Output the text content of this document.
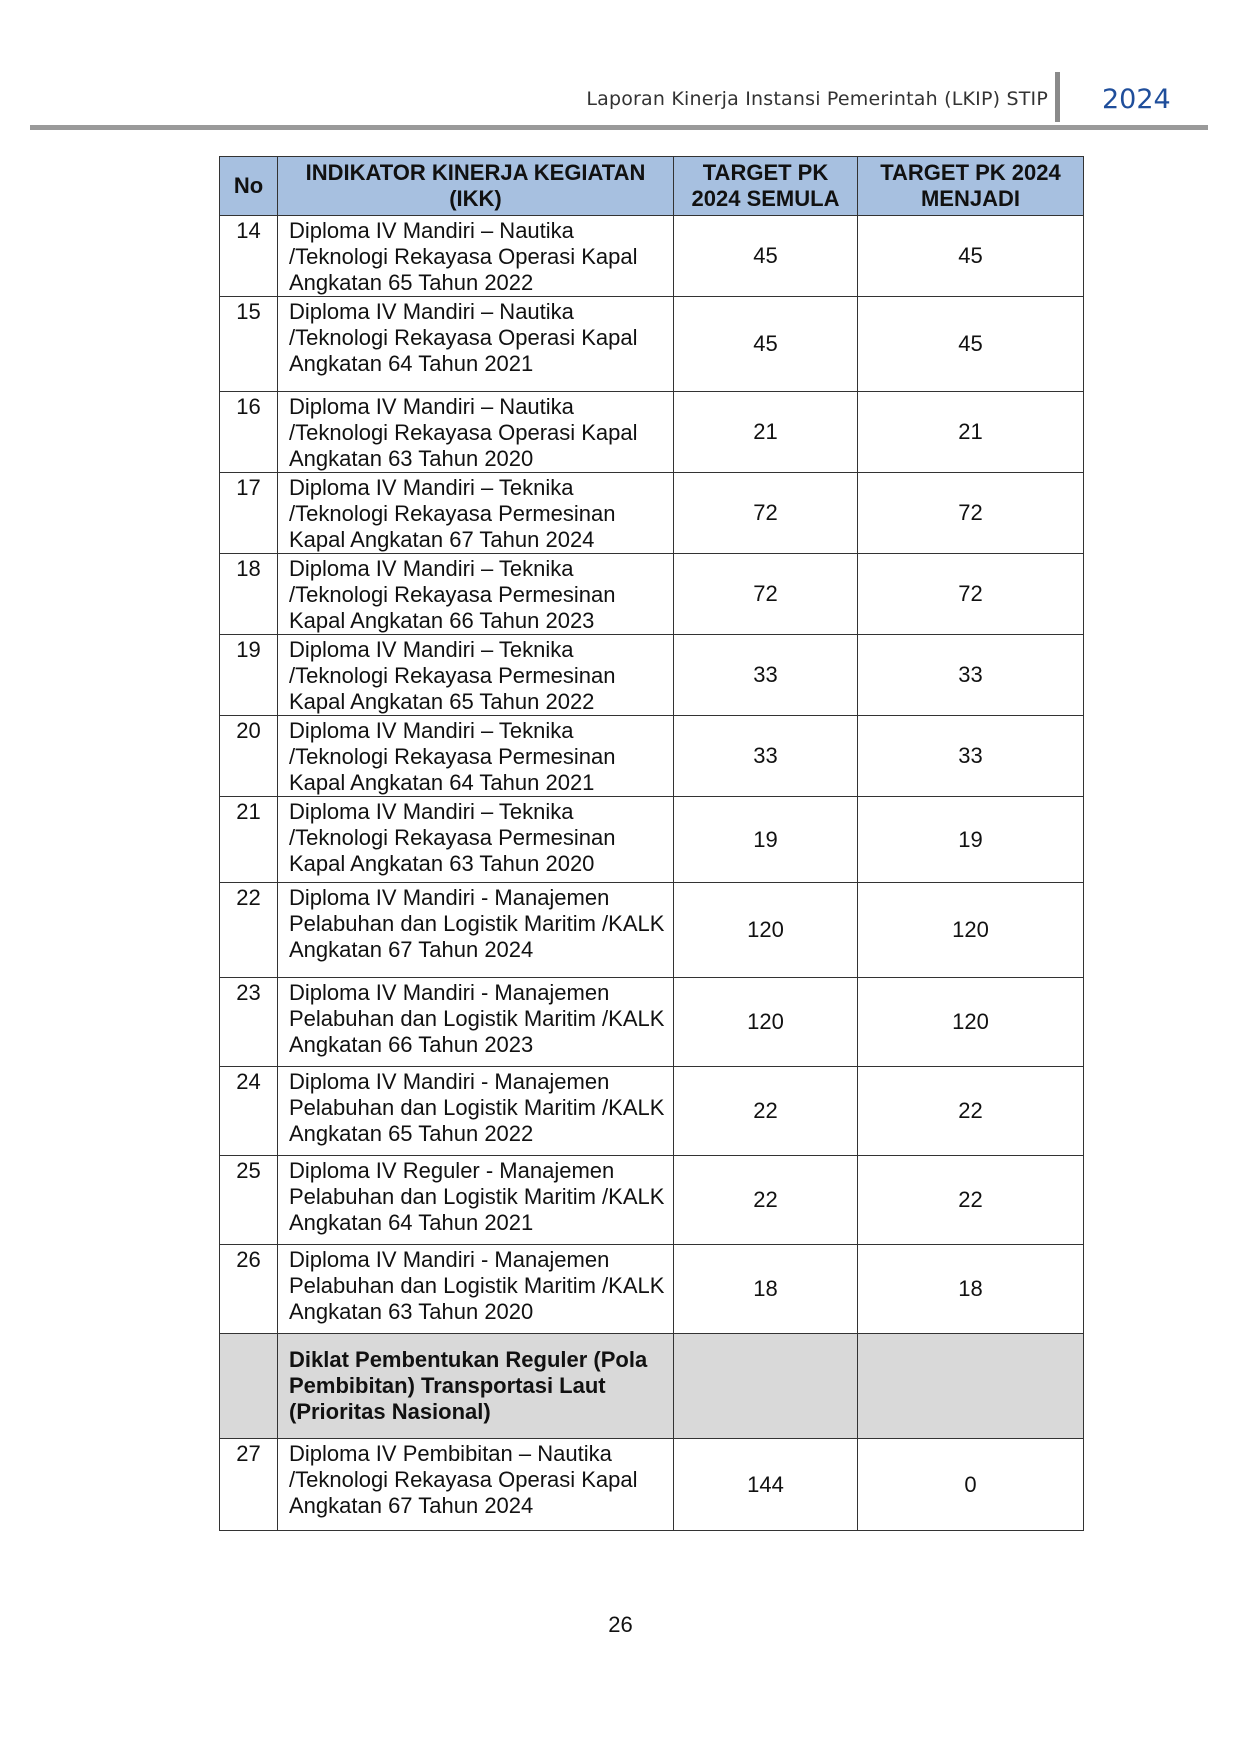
Laporan Kinerja Instansi Pemerintah (LKIP) STIP 2024
No	INDIKATOR KINERJA KEGIATAN (IKK)	TARGET PK 2024 SEMULA	TARGET PK 2024 MENJADI
14	Diploma IV Mandiri – Nautika /Teknologi Rekayasa Operasi Kapal Angkatan 65 Tahun 2022	45	45
15	Diploma IV Mandiri – Nautika /Teknologi Rekayasa Operasi Kapal Angkatan 64 Tahun 2021	45	45
16	Diploma IV Mandiri – Nautika /Teknologi Rekayasa Operasi Kapal Angkatan 63 Tahun 2020	21	21
17	Diploma IV Mandiri – Teknika /Teknologi Rekayasa Permesinan Kapal Angkatan 67 Tahun 2024	72	72
18	Diploma IV Mandiri – Teknika /Teknologi Rekayasa Permesinan Kapal Angkatan 66 Tahun 2023	72	72
19	Diploma IV Mandiri – Teknika /Teknologi Rekayasa Permesinan Kapal Angkatan 65 Tahun 2022	33	33
20	Diploma IV Mandiri – Teknika /Teknologi Rekayasa Permesinan Kapal Angkatan 64 Tahun 2021	33	33
21	Diploma IV Mandiri – Teknika /Teknologi Rekayasa Permesinan Kapal Angkatan 63 Tahun 2020	19	19
22	Diploma IV Mandiri - Manajemen Pelabuhan dan Logistik Maritim /KALK Angkatan 67 Tahun 2024	120	120
23	Diploma IV Mandiri - Manajemen Pelabuhan dan Logistik Maritim /KALK Angkatan 66 Tahun 2023	120	120
24	Diploma IV Mandiri - Manajemen Pelabuhan dan Logistik Maritim /KALK Angkatan 65 Tahun 2022	22	22
25	Diploma IV Reguler - Manajemen Pelabuhan dan Logistik Maritim /KALK Angkatan 64 Tahun 2021	22	22
26	Diploma IV Mandiri - Manajemen Pelabuhan dan Logistik Maritim /KALK Angkatan 63 Tahun 2020	18	18
	Diklat Pembentukan Reguler (Pola Pembibitan) Transportasi Laut (Prioritas Nasional)		
27	Diploma IV Pembibitan – Nautika /Teknologi Rekayasa Operasi Kapal Angkatan 67 Tahun 2024	144	0
26
